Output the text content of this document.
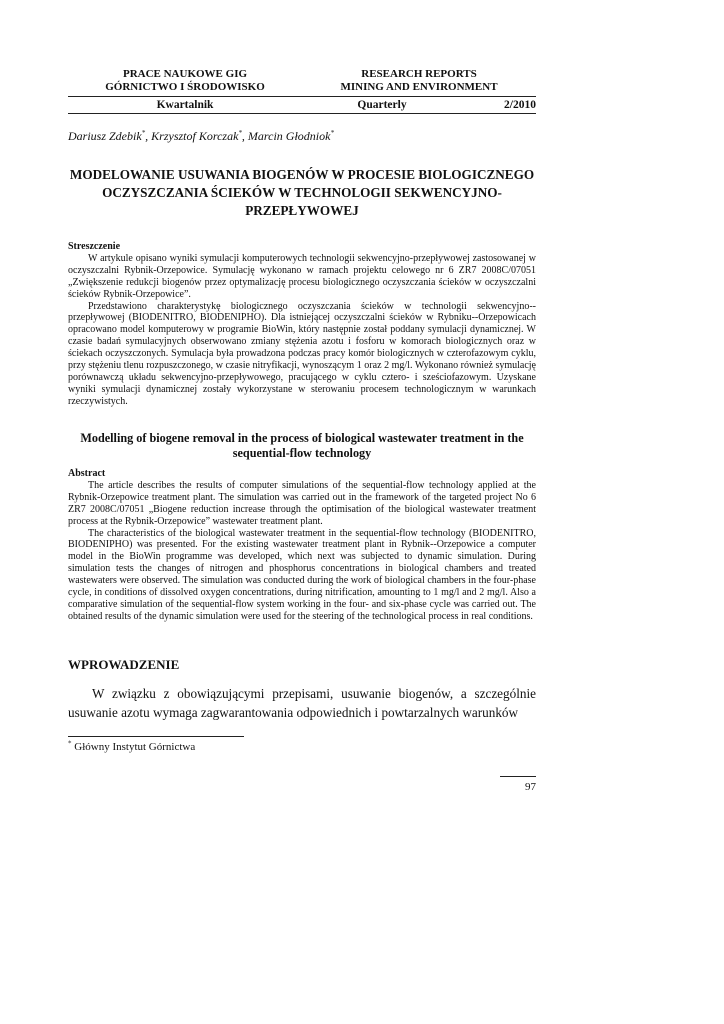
PRACE NAUKOWE GIG
GÓRNICTWO I ŚRODOWISKO
RESEARCH REPORTS
MINING AND ENVIRONMENT
Kwartalnik	Quarterly	2/2010
Dariusz Zdebik*, Krzysztof Korczak*, Marcin Głodniok*
MODELOWANIE USUWANIA BIOGENÓW W PROCESIE BIOLOGICZNEGO OCZYSZCZANIA ŚCIEKÓW W TECHNOLOGII SEKWENCYJNO-PRZEPŁYWOWEJ
Streszczenie

W artykule opisano wyniki symulacji komputerowych technologii sekwencyjno-przepływowej zastosowanej w oczyszczalni Rybnik-Orzepowice. Symulację wykonano w ramach projektu celowego nr 6 ZR7 2008C/07051 „Zwiększenie redukcji biogenów przez optymalizację procesu biologicznego oczyszczania ścieków w oczyszczalni ścieków Rybnik-Orzepowice”.

Przedstawiono charakterystykę biologicznego oczyszczania ścieków w technologii sekwencyjno--przepływowej (BIODENITRO, BIODENIPHO). Dla istniejącej oczyszczalni ścieków w Rybniku--Orzepowicach opracowano model komputerowy w programie BioWin, który następnie został poddany symulacji dynamicznej. W czasie badań symulacyjnych obserwowano zmiany stężenia azotu i fosforu w komorach biologicznych oraz w ściekach oczyszczonych. Symulacja była prowadzona podczas pracy komór biologicznych w czterofazowym cyklu, przy stężeniu tlenu rozpuszczonego, w czasie nitryfikacji, wynoszącym 1 oraz 2 mg/l. Wykonano również symulację porównawczą układu sekwencyjno-przepływowego, pracującego w cyklu cztero- i sześciofazowym. Uzyskane wyniki symulacji dynamicznej zostały wykorzystane w sterowaniu procesem technologicznym w warunkach rzeczywistych.

Modelling of biogene removal in the process of biological wastewater treatment in the sequential-flow technology
Abstract

The article describes the results of computer simulations of the sequential-flow technology applied at the Rybnik-Orzepowice treatment plant. The simulation was carried out in the framework of the targeted project No 6 ZR7 2008C/07051 „Biogene reduction increase through the optimisation of the biological wastewater treatment process at the Rybnik-Orzepowice” wastewater treatment plant.

The characteristics of the biological wastewater treatment in the sequential-flow technology (BIODENITRO, BIODENIPHO) was presented. For the existing wastewater treatment plant in Rybnik--Orzepowice a computer model in the BioWin programme was developed, which next was subjected to dynamic simulation. During simulation tests the changes of nitrogen and phosphorus concentrations in biological chambers and treated wastewaters were observed. The simulation was conducted during the work of biological chambers in the four-phase cycle, in conditions of dissolved oxygen concentrations, during nitrification, amounting to 1 mg/l and 2 mg/l. Also a comparative simulation of the sequential-flow system working in the four- and six-phase cycle was carried out. The obtained results of the dynamic simulation were used for the steering of the technological process in real conditions.

WPROWADZENIE

W związku z obowiązującymi przepisami, usuwanie biogenów, a szczególnie usuwanie azotu wymaga zagwarantowania odpowiednich i powtarzalnych warunków

* Główny Instytut Górnictwa
97
